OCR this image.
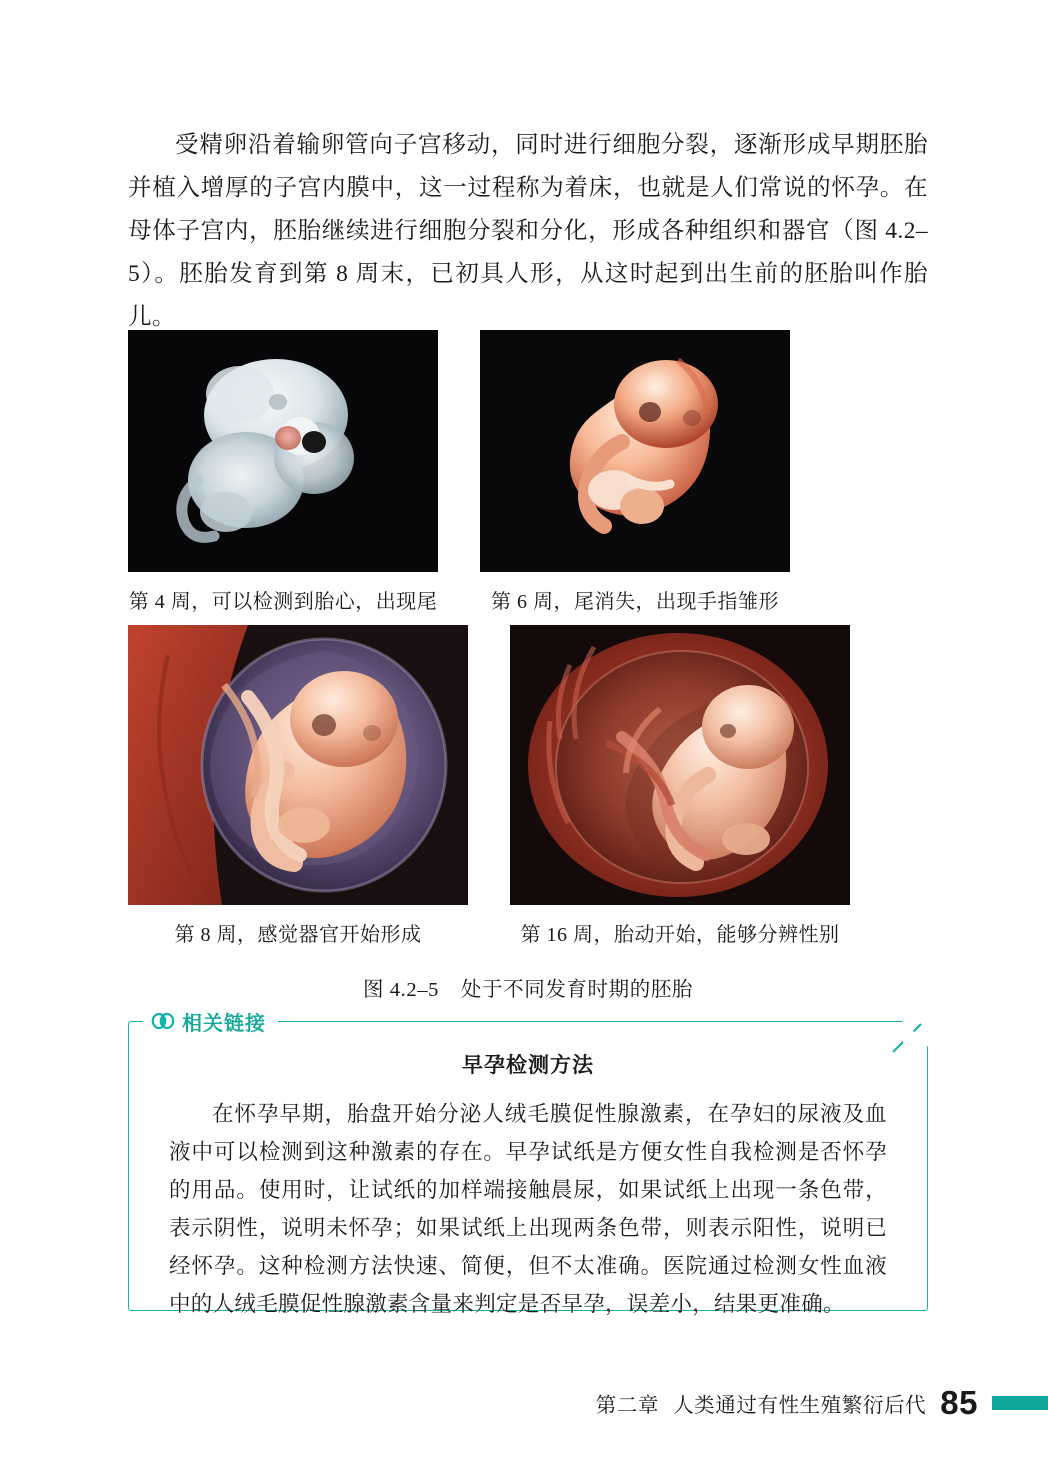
受精卵沿着输卵管向子宫移动，同时进行细胞分裂，逐渐形成早期胚胎并植入增厚的子宫内膜中，这一过程称为着床，也就是人们常说的怀孕。在母体子宫内，胚胎继续进行细胞分裂和分化，形成各种组织和器官（图 4.2–5）。胚胎发育到第 8 周末，已初具人形，从这时起到出生前的胚胎叫作胎儿。

第 4 周，可以检测到胎心，出现尾	第 6 周，尾消失，出现手指雏形
第 8 周，感觉器官开始形成	第 16 周，胎动开始，能够分辨性别
图 4.2–5 处于不同发育时期的胚胎
相关链接
早孕检测方法

在怀孕早期，胎盘开始分泌人绒毛膜促性腺激素，在孕妇的尿液及血液中可以检测到这种激素的存在。早孕试纸是方便女性自我检测是否怀孕的用品。使用时，让试纸的加样端接触晨尿，如果试纸上出现一条色带，表示阴性，说明未怀孕；如果试纸上出现两条色带，则表示阳性，说明已经怀孕。这种检测方法快速、简便，但不太准确。医院通过检测女性血液中的人绒毛膜促性腺激素含量来判定是否早孕，误差小，结果更准确。

第二章 人类通过有性生殖繁衍后代 85
